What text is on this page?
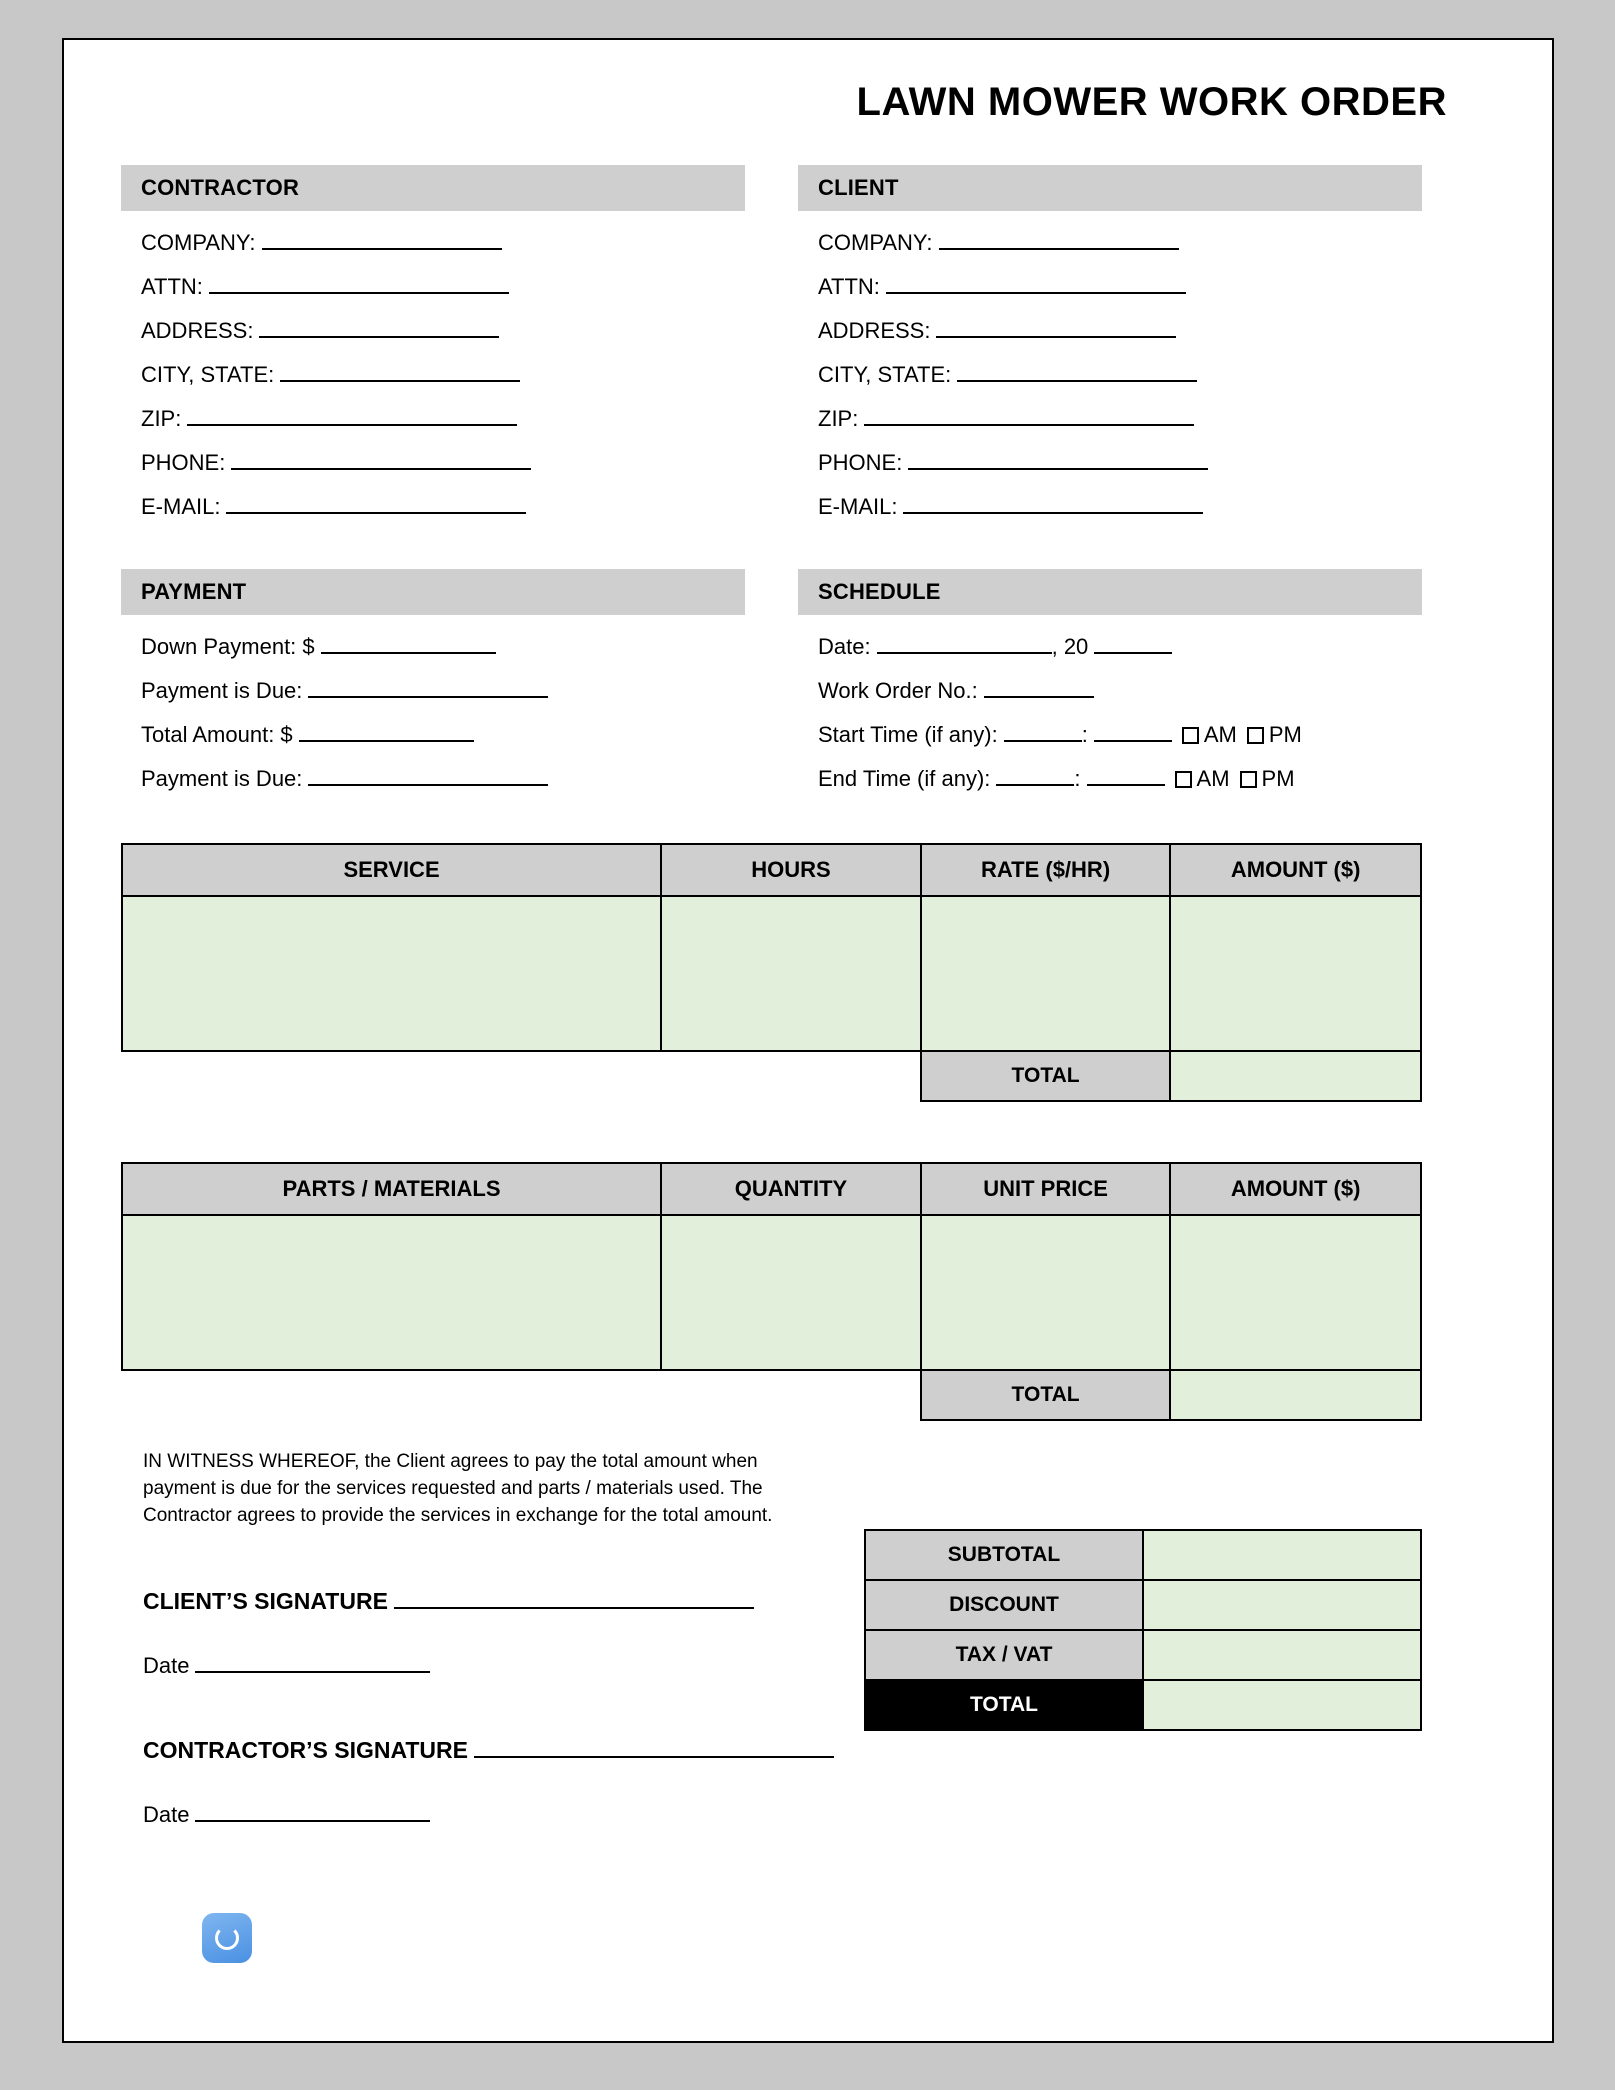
LAWN MOWER WORK ORDER
CONTRACTOR
COMPANY:
ATTN:
ADDRESS:
CITY, STATE:
ZIP:
PHONE:
E-MAIL:
CLIENT
COMPANY:
ATTN:
ADDRESS:
CITY, STATE:
ZIP:
PHONE:
E-MAIL:
PAYMENT
Down Payment: $
Payment is Due:
Total Amount: $
Payment is Due:
SCHEDULE
Date:	, 20
Work Order No.:
Start Time (if any):	:	AM PM
End Time (if any):	:	AM PM
SERVICE	HOURS	RATE ($/HR)	AMOUNT ($)

		TOTAL	
PARTS / MATERIALS	QUANTITY	UNIT PRICE	AMOUNT ($)

		TOTAL	

IN WITNESS WHEREOF, the Client agrees to pay the total amount when payment is due for the services requested and parts / materials used. The Contractor agrees to provide the services in exchange for the total amount.

CLIENT’S SIGNATURE
Date
CONTRACTOR’S SIGNATURE
Date
SUBTOTAL	
DISCOUNT	
TAX / VAT	
TOTAL	
